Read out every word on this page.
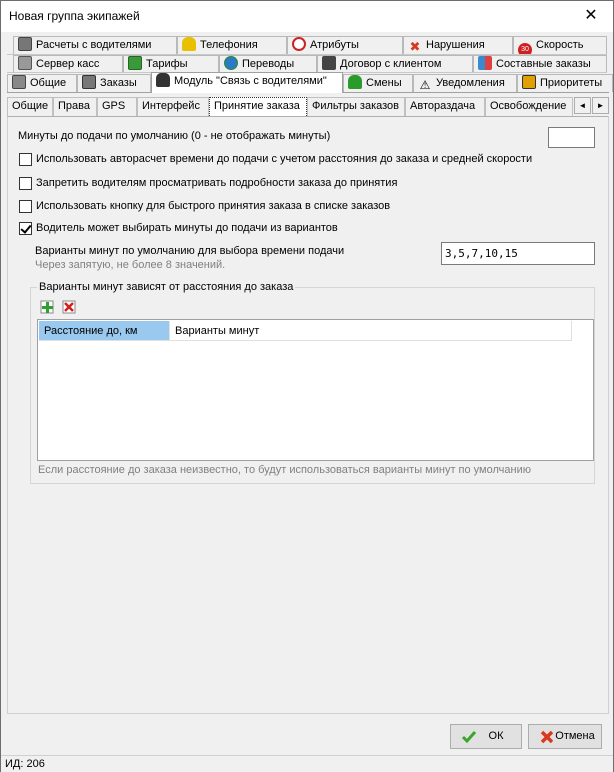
Новая группа экипажей	✕
Расчеты с водителями	Телефония	Атрибуты	✖ Нарушения	30 Скорость
Сервер касс	Тарифы	Переводы	Договор с клиентом	Составные заказы
Общие	Заказы	Модуль "Связь с водителями"	Смены	⚠ Уведомления	Приоритеты
Общие Права	GPS	Интерфейс	Принятие заказа	Фильтры заказов Авторaздача	Освобождение	◄	►
Минуты до подачи по умолчанию (0 - не отображать минуты)
Использовать авторасчет времени до подачи с учетом расстояния до заказа и средней скорости
Запретить водителям просматривать подробности заказа до принятия
Использовать кнопку для быстрого принятия заказа в списке заказов
Водитель может выбирать минуты до подачи из вариантов
Варианты минут по умолчанию для выбора времени подачи
Через запятую, не более 8 значений.
3,5,7,10,15
Варианты минут зависят от расстояния до заказа
Расстояние до, км	Варианты минут
Если расстояние до заказа неизвестно, то будут использоваться варианты минут по умолчанию
ОК	Отмена
ИД: 206
